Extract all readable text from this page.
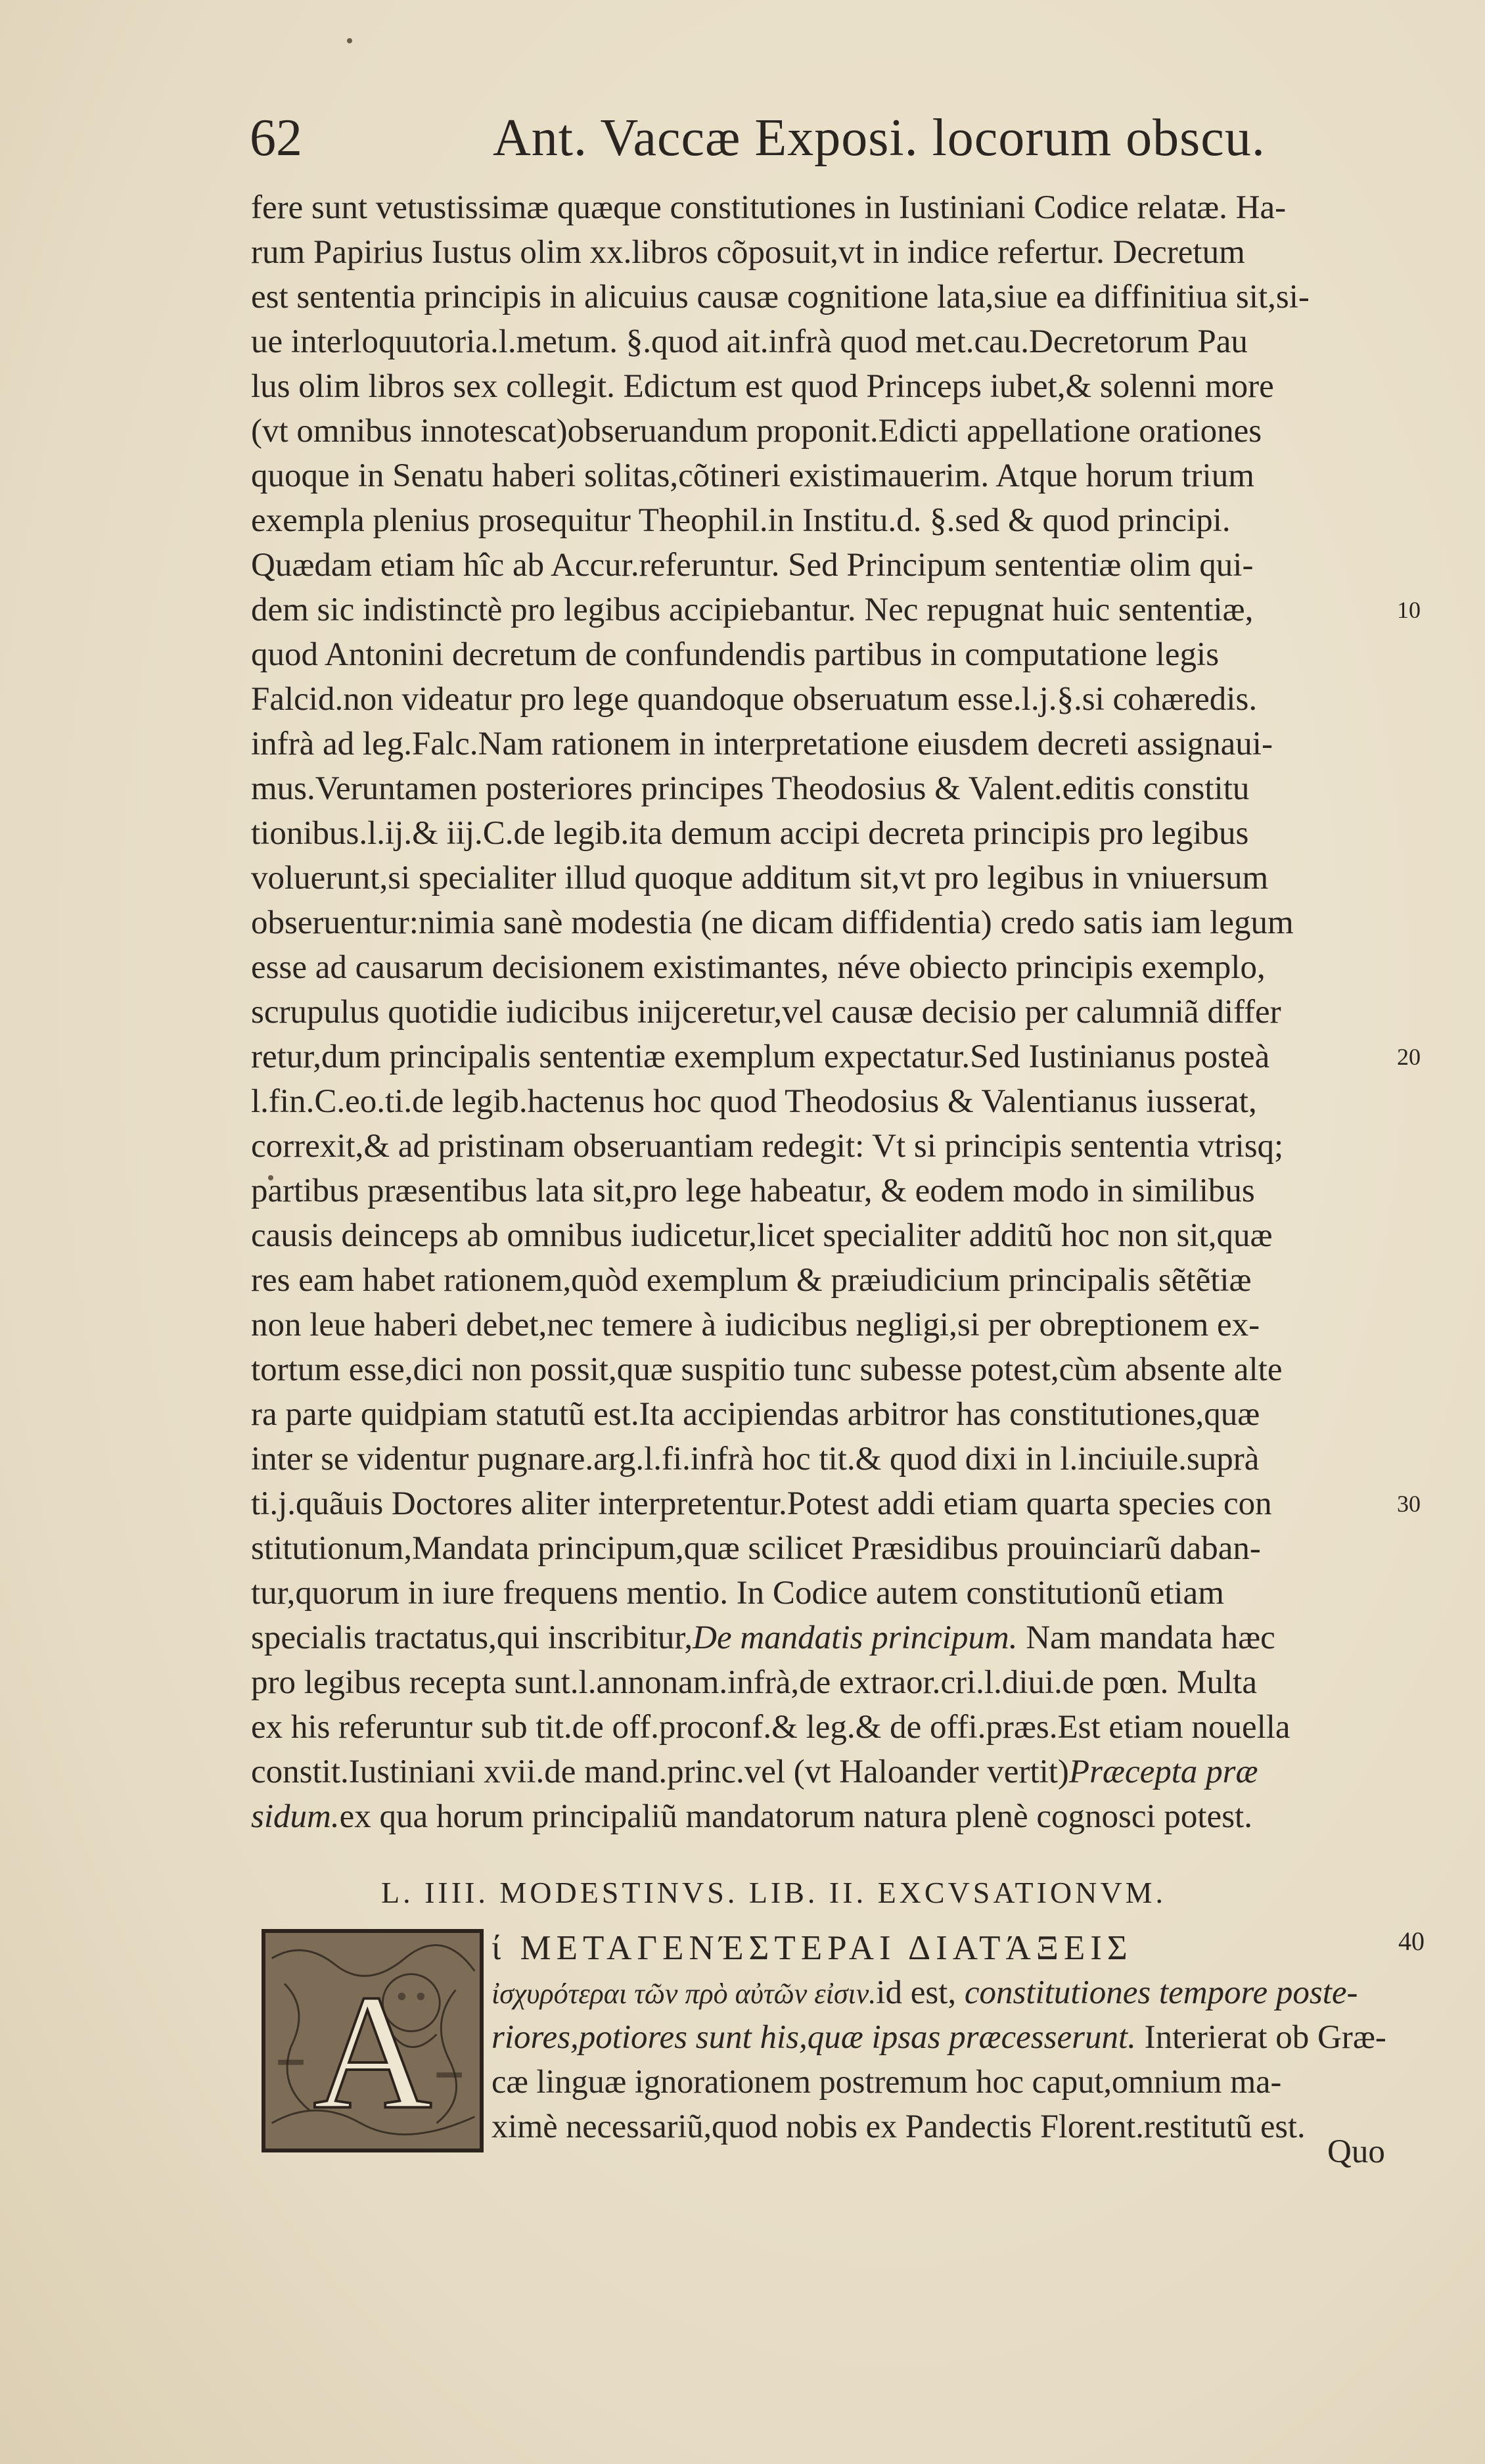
62	Ant. Vaccæ Exposi. locorum obscu.
fere sunt vetustissimæ quæque constitutiones in Iustiniani Codice relatæ. Ha-
rum Papirius Iustus olim xx.libros cõposuit,vt in indice refertur. Decretum
est sententia principis in alicuius causæ cognitione lata,siue ea diffinitiua sit,si-
ue interloquutoria.l.metum. §.quod ait.infrà quod met.cau.Decretorum Pau
lus olim libros sex collegit. Edictum est quod Princeps iubet,& solenni more
(vt omnibus innotescat)obseruandum proponit.Edicti appellatione orationes
quoque in Senatu haberi solitas,cõtineri existimauerim. Atque horum trium
exempla plenius prosequitur Theophil.in Institu.d. §.sed & quod principi.
Quædam etiam hîc ab Accur.referuntur. Sed Principum sententiæ olim qui-
dem sic indistinctè pro legibus accipiebantur. Nec repugnat huic sententiæ,	10
quod Antonini decretum de confundendis partibus in computatione legis
Falcid.non videatur pro lege quandoque obseruatum esse.l.j.§.si cohæredis.
infrà ad leg.Falc.Nam rationem in interpretatione eiusdem decreti assignaui-
mus.Veruntamen posteriores principes Theodosius & Valent.editis constitu
tionibus.l.ij.& iij.C.de legib.ita demum accipi decreta principis pro legibus
voluerunt,si specialiter illud quoque additum sit,vt pro legibus in vniuersum
obseruentur:nimia sanè modestia (ne dicam diffidentia) credo satis iam legum
esse ad causarum decisionem existimantes, néve obiecto principis exemplo,
scrupulus quotidie iudicibus inijceretur,vel causæ decisio per calumniã differ
retur,dum principalis sententiæ exemplum expectatur.Sed Iustinianus posteà	20
l.fin.C.eo.ti.de legib.hactenus hoc quod Theodosius & Valentianus iusserat,
correxit,& ad pristinam obseruantiam redegit: Vt si principis sententia vtrisq;
partibus præsentibus lata sit,pro lege habeatur, & eodem modo in similibus
causis deinceps ab omnibus iudicetur,licet specialiter additũ hoc non sit,quæ
res eam habet rationem,quòd exemplum & præiudicium principalis sẽtẽtiæ
non leue haberi debet,nec temere à iudicibus negligi,si per obreptionem ex-
tortum esse,dici non possit,quæ suspitio tunc subesse potest,cùm absente alte
ra parte quidpiam statutũ est.Ita accipiendas arbitror has constitutiones,quæ
inter se videntur pugnare.arg.l.fi.infrà hoc tit.& quod dixi in l.inciuile.suprà
ti.j.quãuis Doctores aliter interpretentur.Potest addi etiam quarta species con	30
stitutionum,Mandata principum,quæ scilicet Præsidibus prouinciarũ daban-
tur,quorum in iure frequens mentio. In Codice autem constitutionũ etiam
specialis tractatus,qui inscribitur,De mandatis principum. Nam mandata hæc
pro legibus recepta sunt.l.annonam.infrà,de extraor.cri.l.diui.de pœn. Multa
ex his referuntur sub tit.de off.proconf.& leg.& de offi.præs.Est etiam nouella
constit.Iustiniani xvii.de mand.princ.vel (vt Haloander vertit)Præcepta præ
sidum.ex qua horum principaliũ mandatorum natura plenè cognosci potest.
L. IIII. MODESTINVS. LIB. II. EXCVSATIONVM.
A
ί ΜΕΤΑΓΕΝΈΣΤΕΡΑΙ ΔΙΑΤΆΞΕΙΣ	40
ἰσχυρότεραι τῶν πρὸ αὐτῶν εἰσιν.id est, constitutiones tempore poste-
riores,potiores sunt his,quæ ipsas præcesserunt. Interierat ob Græ-
cæ linguæ ignorationem postremum hoc caput,omnium ma-
ximè necessariũ,quod nobis ex Pandectis Florent.restitutũ est.
Quo
